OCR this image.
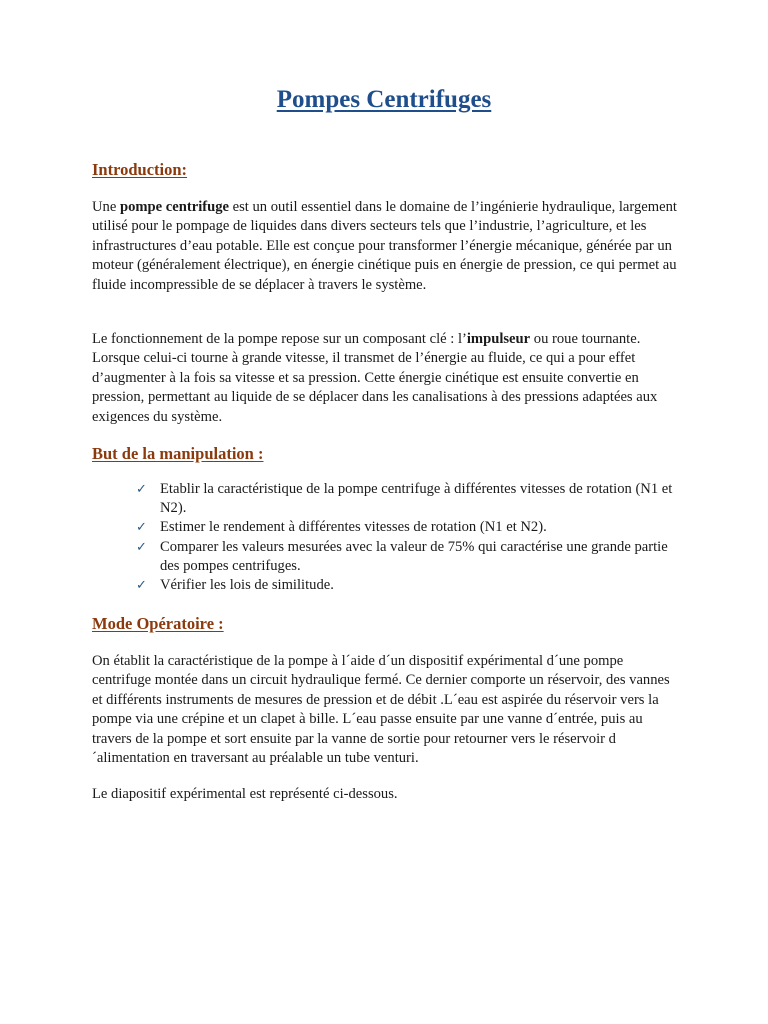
Pompes Centrifuges
Introduction:

Une pompe centrifuge est un outil essentiel dans le domaine de l’ingénierie hydraulique, largement utilisé pour le pompage de liquides dans divers secteurs tels que l’industrie, l’agriculture, et les infrastructures d’eau potable. Elle est conçue pour transformer l’énergie mécanique, générée par un moteur (généralement électrique), en énergie cinétique puis en énergie de pression, ce qui permet au fluide incompressible de se déplacer à travers le système.

Le fonctionnement de la pompe repose sur un composant clé : l’impulseur ou roue tournante. Lorsque celui-ci tourne à grande vitesse, il transmet de l’énergie au fluide, ce qui a pour effet d’augmenter à la fois sa vitesse et sa pression. Cette énergie cinétique est ensuite convertie en pression, permettant au liquide de se déplacer dans les canalisations à des pressions adaptées aux exigences du système.

But de la manipulation :
✓ Etablir la caractéristique de la pompe centrifuge à différentes vitesses de rotation (N1 et N2).
✓ Estimer le rendement à différentes vitesses de rotation (N1 et N2).
✓ Comparer les valeurs mesurées avec la valeur de 75% qui caractérise une grande partie des pompes centrifuges.
✓ Vérifier les lois de similitude.
Mode Opératoire :

On établit la caractéristique de la pompe à l´aide d´un dispositif expérimental d´une pompe centrifuge montée dans un circuit hydraulique fermé. Ce dernier comporte un réservoir, des vannes et différents instruments de mesures de pression et de débit .L´eau est aspirée du réservoir vers la pompe via une crépine et un clapet à bille. L´eau passe ensuite par une vanne d´entrée, puis au travers de la pompe et sort ensuite par la vanne de sortie pour retourner vers le réservoir d´alimentation en traversant au préalable un tube venturi.

Le diapositif expérimental est représenté ci-dessous.
